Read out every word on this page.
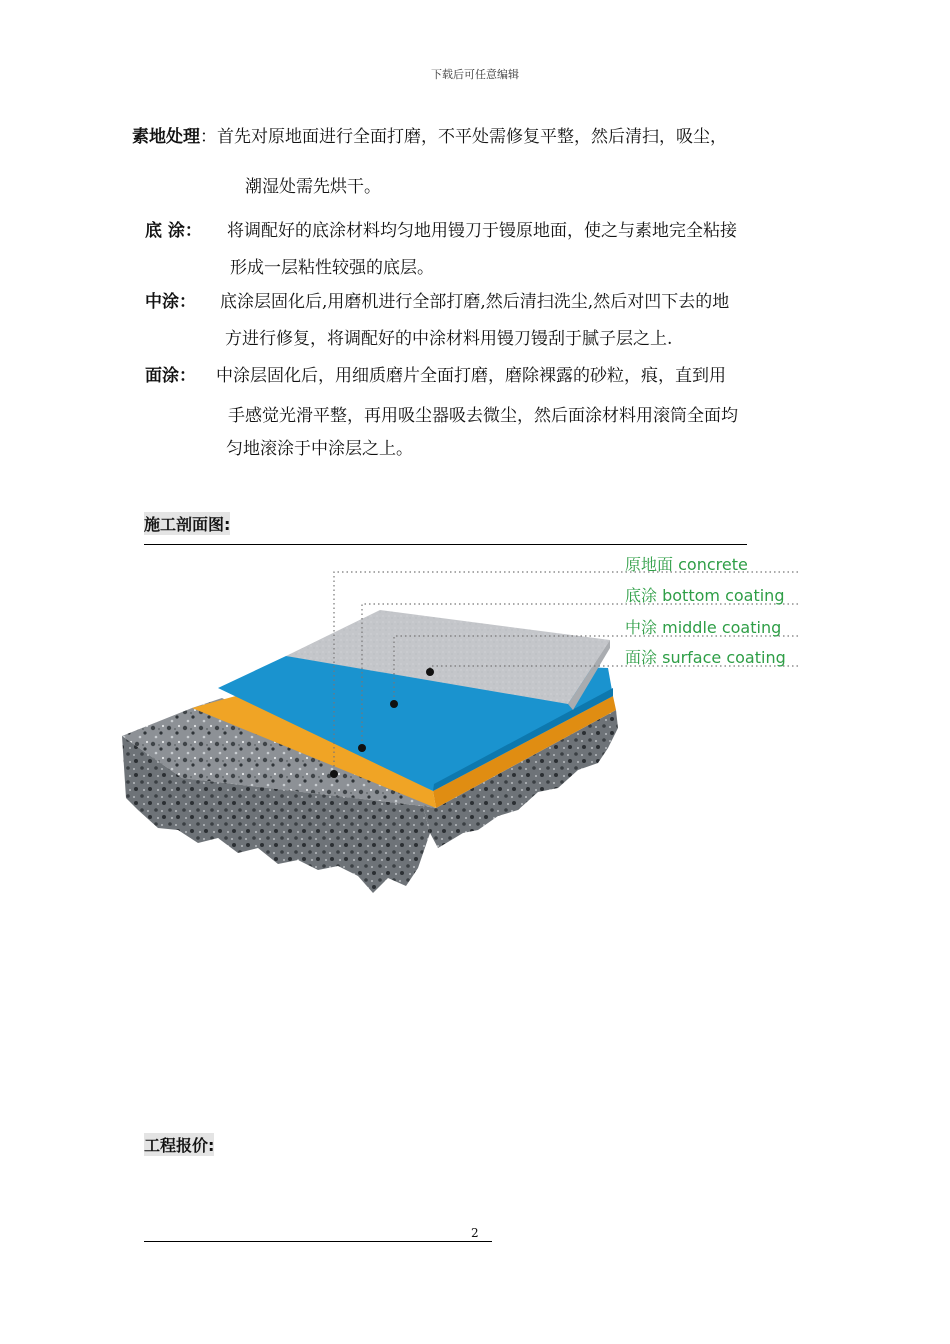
下载后可任意编辑
素地处理：首先对原地面进行全面打磨，不平处需修复平整，然后清扫，吸尘，
潮湿处需先烘干。
底 涂： 将调配好的底涂材料均匀地用镘刀于镘原地面，使之与素地完全粘接
形成一层粘性较强的底层。
中涂： 底涂层固化后,用磨机进行全部打磨,然后清扫洗尘,然后对凹下去的地
方进行修复，将调配好的中涂材料用镘刀镘刮于腻子层之上.
面涂： 中涂层固化后，用细质磨片全面打磨，磨除裸露的砂粒，痕，直到用
手感觉光滑平整，再用吸尘器吸去微尘，然后面涂材料用滚筒全面均
匀地滚涂于中涂层之上。
施工剖面图:
原地面 concrete
底涂 bottom coating
中涂 middle coating
面涂 surface coating
工程报价:
2
